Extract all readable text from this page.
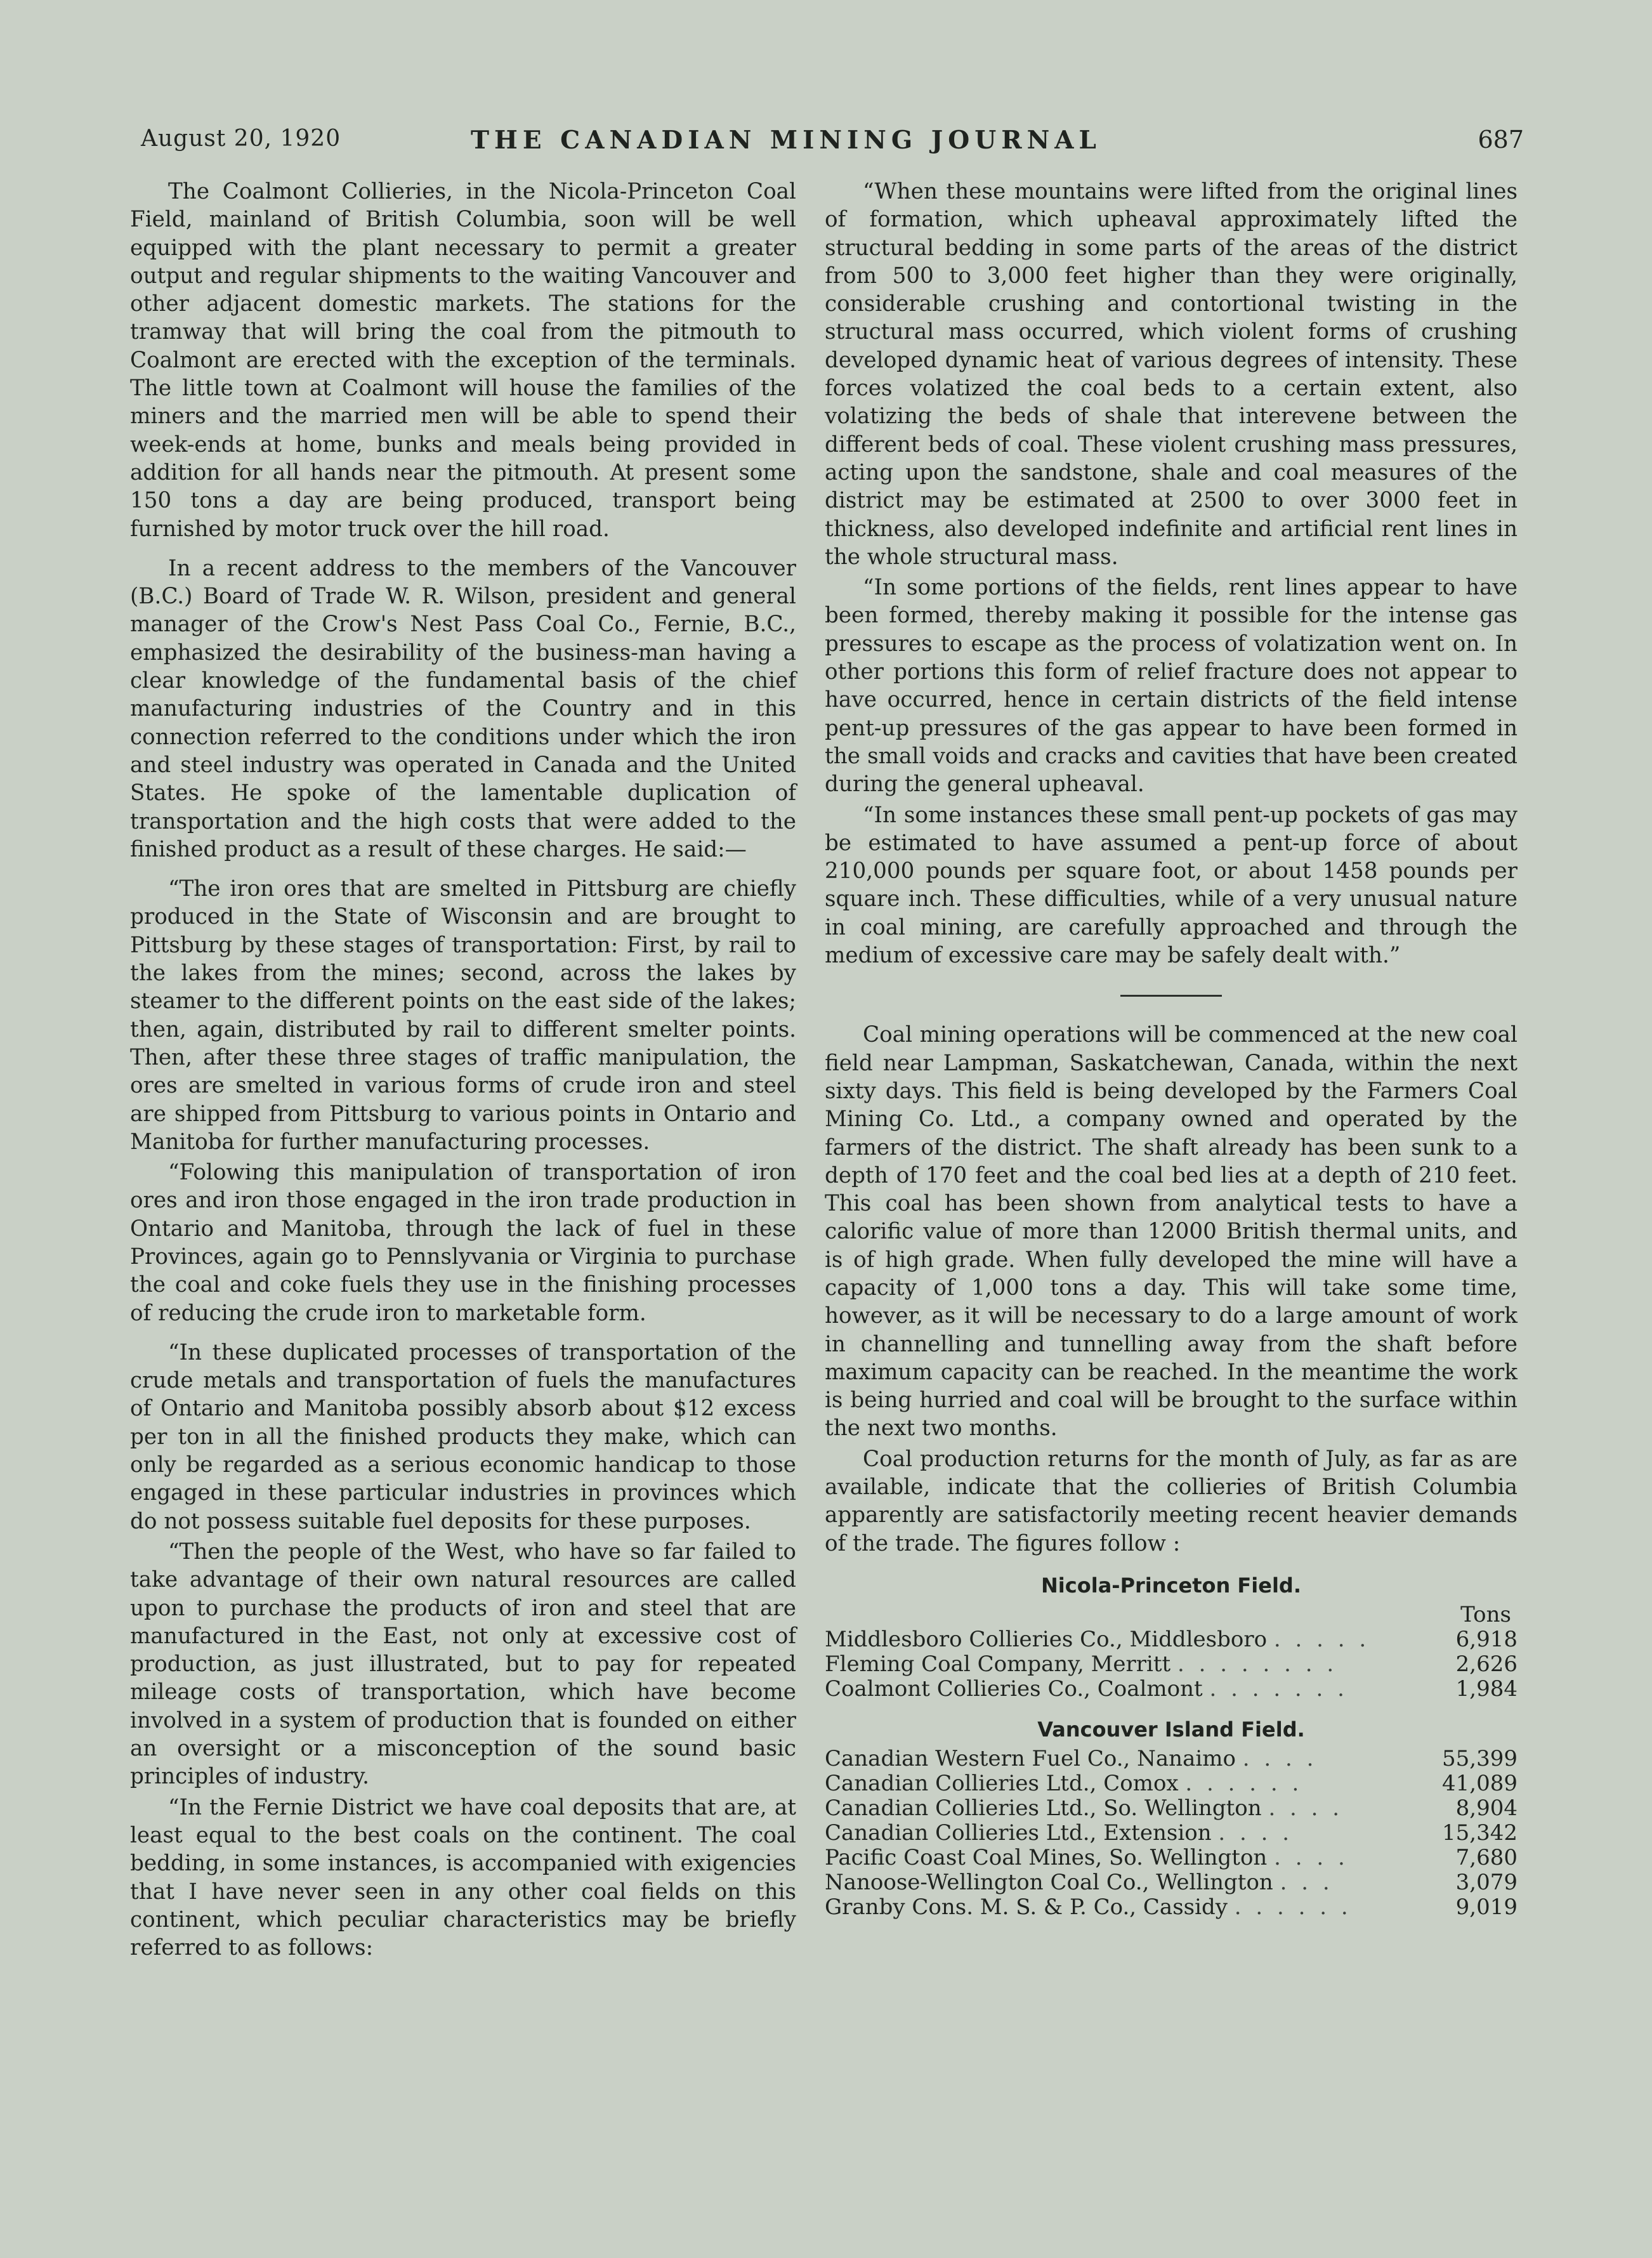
August 20, 1920	THE CANADIAN MINING JOURNAL	687

The Coalmont Collieries, in the Nicola-Princeton Coal Field, mainland of British Columbia, soon will be well equipped with the plant necessary to permit a greater output and regular shipments to the waiting Vancouver and other adjacent domestic markets. The stations for the tramway that will bring the coal from the pitmouth to Coalmont are erected with the exception of the terminals. The little town at Coalmont will house the families of the miners and the married men will be able to spend their week-ends at home, bunks and meals being provided in addition for all hands near the pitmouth. At present some 150 tons a day are being produced, transport being furnished by motor truck over the hill road.

In a recent address to the members of the Vancouver (B.C.) Board of Trade W. R. Wilson, president and general manager of the Crow's Nest Pass Coal Co., Fernie, B.C., emphasized the desirability of the business-man having a clear knowledge of the fundamental basis of the chief manufacturing industries of the Country and in this connection referred to the conditions under which the iron and steel industry was operated in Canada and the United States. He spoke of the lamentable duplication of transportation and the high costs that were added to the finished product as a result of these charges. He said:—

“The iron ores that are smelted in Pittsburg are chiefly produced in the State of Wisconsin and are brought to Pittsburg by these stages of transportation: First, by rail to the lakes from the mines; second, across the lakes by steamer to the different points on the east side of the lakes; then, again, distributed by rail to different smelter points. Then, after these three stages of traffic manipulation, the ores are smelted in various forms of crude iron and steel are shipped from Pittsburg to various points in Ontario and Manitoba for further manufacturing processes.

“Folowing this manipulation of transportation of iron ores and iron those engaged in the iron trade production in Ontario and Manitoba, through the lack of fuel in these Provinces, again go to Pennslyvania or Virginia to purchase the coal and coke fuels they use in the finishing processes of reducing the crude iron to marketable form.

“In these duplicated processes of transportation of the crude metals and transportation of fuels the manufactures of Ontario and Manitoba possibly absorb about $12 excess per ton in all the finished products they make, which can only be regarded as a serious economic handicap to those engaged in these particular industries in provinces which do not possess suitable fuel deposits for these purposes.

“Then the people of the West, who have so far failed to take advantage of their own natural resources are called upon to purchase the products of iron and steel that are manufactured in the East, not only at excessive cost of production, as just illustrated, but to pay for repeated mileage costs of transportation, which have become involved in a system of production that is founded on either an oversight or a misconception of the sound basic principles of industry.

“In the Fernie District we have coal deposits that are, at least equal to the best coals on the continent. The coal bedding, in some instances, is accompanied with exigencies that I have never seen in any other coal fields on this continent, which peculiar characteristics may be briefly referred to as follows:

“When these mountains were lifted from the original lines of formation, which upheaval approximately lifted the structural bedding in some parts of the areas of the district from 500 to 3,000 feet higher than they were originally, considerable crushing and contortional twisting in the structural mass occurred, which violent forms of crushing developed dynamic heat of various degrees of intensity. These forces volatized the coal beds to a certain extent, also volatizing the beds of shale that interevene between the different beds of coal. These violent crushing mass pressures, acting upon the sandstone, shale and coal measures of the district may be estimated at 2500 to over 3000 feet in thickness, also developed indefinite and artificial rent lines in the whole structural mass.

“In some portions of the fields, rent lines appear to have been formed, thereby making it possible for the intense gas pressures to escape as the process of volatization went on. In other portions this form of relief fracture does not appear to have occurred, hence in certain districts of the field intense pent-up pressures of the gas appear to have been formed in the small voids and cracks and cavities that have been created during the general upheaval.

“In some instances these small pent-up pockets of gas may be estimated to have assumed a pent-up force of about 210,000 pounds per square foot, or about 1458 pounds per square inch. These difficulties, while of a very unusual nature in coal mining, are carefully approached and through the medium of excessive care may be safely dealt with.”

Coal mining operations will be commenced at the new coal field near Lampman, Saskatchewan, Canada, within the next sixty days. This field is being developed by the Farmers Coal Mining Co. Ltd., a company owned and operated by the farmers of the district. The shaft already has been sunk to a depth of 170 feet and the coal bed lies at a depth of 210 feet. This coal has been shown from analytical tests to have a calorific value of more than 12000 British thermal units, and is of high grade. When fully developed the mine will have a capacity of 1,000 tons a day. This will take some time, however, as it will be necessary to do a large amount of work in channelling and tunnelling away from the shaft before maximum capacity can be reached. In the meantime the work is being hurried and coal will be brought to the surface within the next two months.

Coal production returns for the month of July, as far as are available, indicate that the collieries of British Columbia apparently are satisfactorily meeting recent heavier demands of the trade. The figures follow :

Nicola-Princeton Field.
Tons
Middlesboro Collieries Co., Middlesboro . . . . .	6,918
Fleming Coal Company, Merritt . . . . . . . .	2,626
Coalmont Collieries Co., Coalmont . . . . . . .	1,984
Vancouver Island Field.
Canadian Western Fuel Co., Nanaimo . . . .	55,399
Canadian Collieries Ltd., Comox . . . . . .	41,089
Canadian Collieries Ltd., So. Wellington . . . .	8,904
Canadian Collieries Ltd., Extension . . . .	15,342
Pacific Coast Coal Mines, So. Wellington . . . .	7,680
Nanoose-Wellington Coal Co., Wellington . . .	3,079
Granby Cons. M. S. & P. Co., Cassidy . . . . . .	9,019
